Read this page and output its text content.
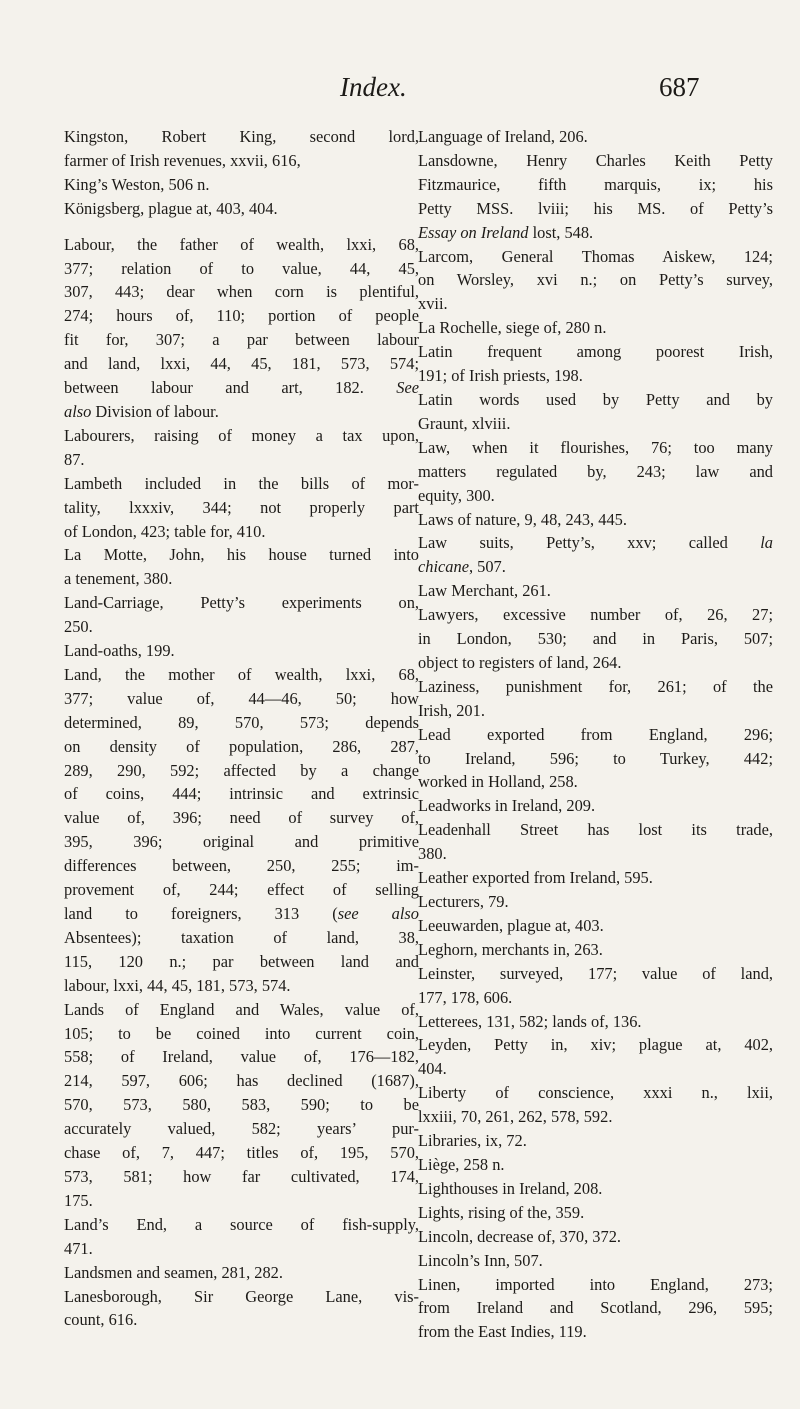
Index.	687

Kingston, Robert King, second lord,
farmer of Irish revenues, xxvii, 616,

King’s Weston, 506 n.

Königsberg, plague at, 403, 404.

Labour, the father of wealth, lxxi, 68,
377; relation of to value, 44, 45,
307, 443; dear when corn is plentiful,
274; hours of, 110; portion of people
fit for, 307; a par between labour
and land, lxxi, 44, 45, 181, 573, 574;
between labour and art, 182. See
also Division of labour.

Labourers, raising of money a tax upon,
87.

Lambeth included in the bills of mor-
tality, lxxxiv, 344; not properly part
of London, 423; table for, 410.

La Motte, John, his house turned into
a tenement, 380.

Land-Carriage, Petty’s experiments on,
250.

Land-oaths, 199.

Land, the mother of wealth, lxxi, 68,
377; value of, 44—46, 50; how
determined, 89, 570, 573; depends
on density of population, 286, 287,
289, 290, 592; affected by a change
of coins, 444; intrinsic and extrinsic
value of, 396; need of survey of,
395, 396; original and primitive
differences between, 250, 255; im-
provement of, 244; effect of selling
land to foreigners, 313 (see also
Absentees); taxation of land, 38,
115, 120 n.; par between land and
labour, lxxi, 44, 45, 181, 573, 574.

Lands of England and Wales, value of,
105; to be coined into current coin,
558; of Ireland, value of, 176—182,
214, 597, 606; has declined (1687),
570, 573, 580, 583, 590; to be
accurately valued, 582; years’ pur-
chase of, 7, 447; titles of, 195, 570,
573, 581; how far cultivated, 174,
175.

Land’s End, a source of fish-supply,
471.

Landsmen and seamen, 281, 282.

Lanesborough, Sir George Lane, vis-
count, 616.

Language of Ireland, 206.

Lansdowne, Henry Charles Keith Petty
Fitzmaurice, fifth marquis, ix; his
Petty MSS. lviii; his MS. of Petty’s
Essay on Ireland lost, 548.

Larcom, General Thomas Aiskew, 124;
on Worsley, xvi n.; on Petty’s survey,
xvii.

La Rochelle, siege of, 280 n.

Latin frequent among poorest Irish,
191; of Irish priests, 198.

Latin words used by Petty and by
Graunt, xlviii.

Law, when it flourishes, 76; too many
matters regulated by, 243; law and
equity, 300.

Laws of nature, 9, 48, 243, 445.

Law suits, Petty’s, xxv; called la
chicane, 507.

Law Merchant, 261.

Lawyers, excessive number of, 26, 27;
in London, 530; and in Paris, 507;
object to registers of land, 264.

Laziness, punishment for, 261; of the
Irish, 201.

Lead exported from England, 296;
to Ireland, 596; to Turkey, 442;
worked in Holland, 258.

Leadworks in Ireland, 209.

Leadenhall Street has lost its trade,
380.

Leather exported from Ireland, 595.

Lecturers, 79.

Leeuwarden, plague at, 403.

Leghorn, merchants in, 263.

Leinster, surveyed, 177; value of land,
177, 178, 606.

Letterees, 131, 582; lands of, 136.

Leyden, Petty in, xiv; plague at, 402,
404.

Liberty of conscience, xxxi n., lxii,
lxxiii, 70, 261, 262, 578, 592.

Libraries, ix, 72.

Liège, 258 n.

Lighthouses in Ireland, 208.

Lights, rising of the, 359.

Lincoln, decrease of, 370, 372.

Lincoln’s Inn, 507.

Linen, imported into England, 273;
from Ireland and Scotland, 296, 595;
from the East Indies, 119.
